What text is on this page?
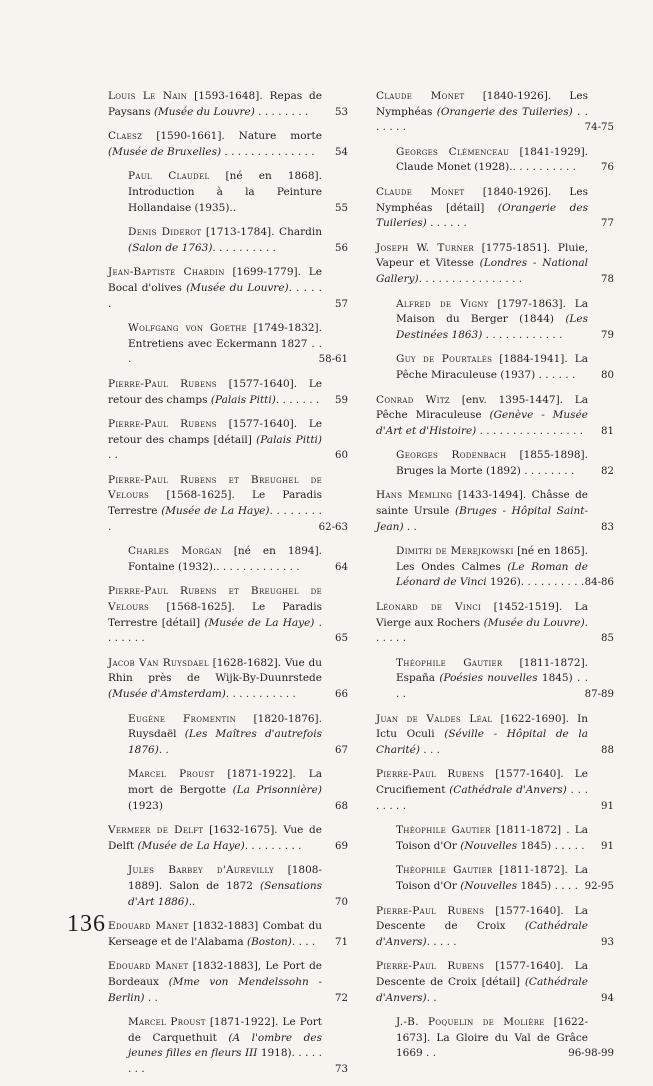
Louis Le Nain [1593-1648]. Repas de Paysans (Musée du Louvre) . . . . . . . .	53
Claesz [1590-1661]. Nature morte (Musée de Bruxelles) . . . . . . . . . . . . . .	54
Paul Claudel [né en 1868]. Introduction à la Peinture Hollandaise (1935)..	55
Denis Diderot [1713-1784]. Chardin (Salon de 1763). . . . . . . . . .	56
Jean-Baptiste Chardin [1699-1779]. Le Bocal d'olives (Musée du Louvre). . . . . .	57
Wolfgang von Goethe [1749-1832]. Entretiens avec Eckermann 1827 . . .	58-61
Pierre-Paul Rubens [1577-1640]. Le retour des champs (Palais Pitti). . . . . . . 59
Pierre-Paul Rubens [1577-1640]. Le retour des champs [détail] (Palais Pitti) . .	60
Pierre-Paul Rubens et Breughel de Velours [1568-1625]. Le Paradis Terrestre (Musée de La Haye). . . . . . . . .	62-63
Charles Morgan [né en 1894]. Fontaine (1932).. . . . . . . . . . . . .	64
Pierre-Paul Rubens et Breughel de Velours [1568-1625]. Le Paradis Terrestre [détail] (Musée de La Haye) . . . . . . .	65
Jacob Van Ruysdael [1628-1682]. Vue du Rhin près de Wijk-By-Duunrstede (Musée d'Amsterdam). . . . . . . . . . .	66
Eugène Fromentin [1820-1876]. Ruysdaël (Les Maîtres d'autrefois 1876). .	67
Marcel Proust [1871-1922]. La mort de Bergotte (La Prisonnière) (1923)	68
Vermeer de Delft [1632-1675]. Vue de Delft (Musée de La Haye). . . . . . . . .	69
Jules Barbey d'Aurevilly [1808-1889]. Salon de 1872 (Sensations d'Art 1886)..	70
Edouard Manet [1832-1883] Combat du Kerseage et de l'Alabama (Boston). . . .	71
Edouard Manet [1832-1883], Le Port de Bordeaux (Mme von Mendelssohn - Berlin) . .	72
Marcel Proust [1871-1922]. Le Port de Carquethuit (A l'ombre des jeunes filles en fleurs III 1918). . . . . . . .	73
Claude Monet [1840-1926]. Les Nymphéas (Orangerie des Tuileries) . . . . . . .	74-75
Georges Clémenceau [1841-1929]. Claude Monet (1928).. . . . . . . . . .	76
Claude Monet [1840-1926]. Les Nymphéas [détail] (Orangerie des Tuileries) . . . . . .	77
Joseph W. Turner [1775-1851]. Pluie, Vapeur et Vitesse (Londres - National Gallery). . . . . . . . . . . . . . . .	78
Alfred de Vigny [1797-1863]. La Maison du Berger (1844) (Les Destinées 1863) . . . . . . . . . . . .	79
Guy de Pourtalès [1884-1941]. La Pêche Miraculeuse (1937) . . . . . .	80
Conrad Witz [env. 1395-1447]. La Pêche Miraculeuse (Genève - Musée d'Art et d'Histoire) . . . . . . . . . . . . . . . .	81
Georges Rodenbach [1855-1898]. Bruges la Morte (1892) . . . . . . . .	82
Hans Memling [1433-1494]. Châsse de sainte Ursule (Bruges - Hôpital Saint-Jean) . .	83
Dimitri de Merejkowski [né en 1865]. Les Ondes Calmes (Le Roman de Léonard de Vinci 1926). . . . . . . . . . 84-86
Léonard de Vinci [1452-1519]. La Vierge aux Rochers (Musée du Louvre). . . . . .	85
Théophile Gautier [1811-1872]. España (Poésies nouvelles 1845) . . . .	87-89
Juan de Valdes Léal [1622-1690]. In Ictu Oculi (Séville - Hôpital de la Charité) . . .	88
Pierre-Paul Rubens [1577-1640]. Le Crucifiement (Cathédrale d'Anvers) . . . . . . . .	91
Théophile Gautier [1811-1872] . La Toison d'Or (Nouvelles 1845) . . . . .	91
Théophile Gautier [1811-1872]. La Toison d'Or (Nouvelles 1845) . . . . 92-95
Pierre-Paul Rubens [1577-1640]. La Descente de Croix (Cathédrale d'Anvers). . . . .	93
Pierre-Paul Rubens [1577-1640]. La Descente de Croix [détail] (Cathédrale d'Anvers). .	94
J.-B. Poquelin de Molière [1622-1673]. La Gloire du Val de Grâce 1669 . .	96-98-99
136
